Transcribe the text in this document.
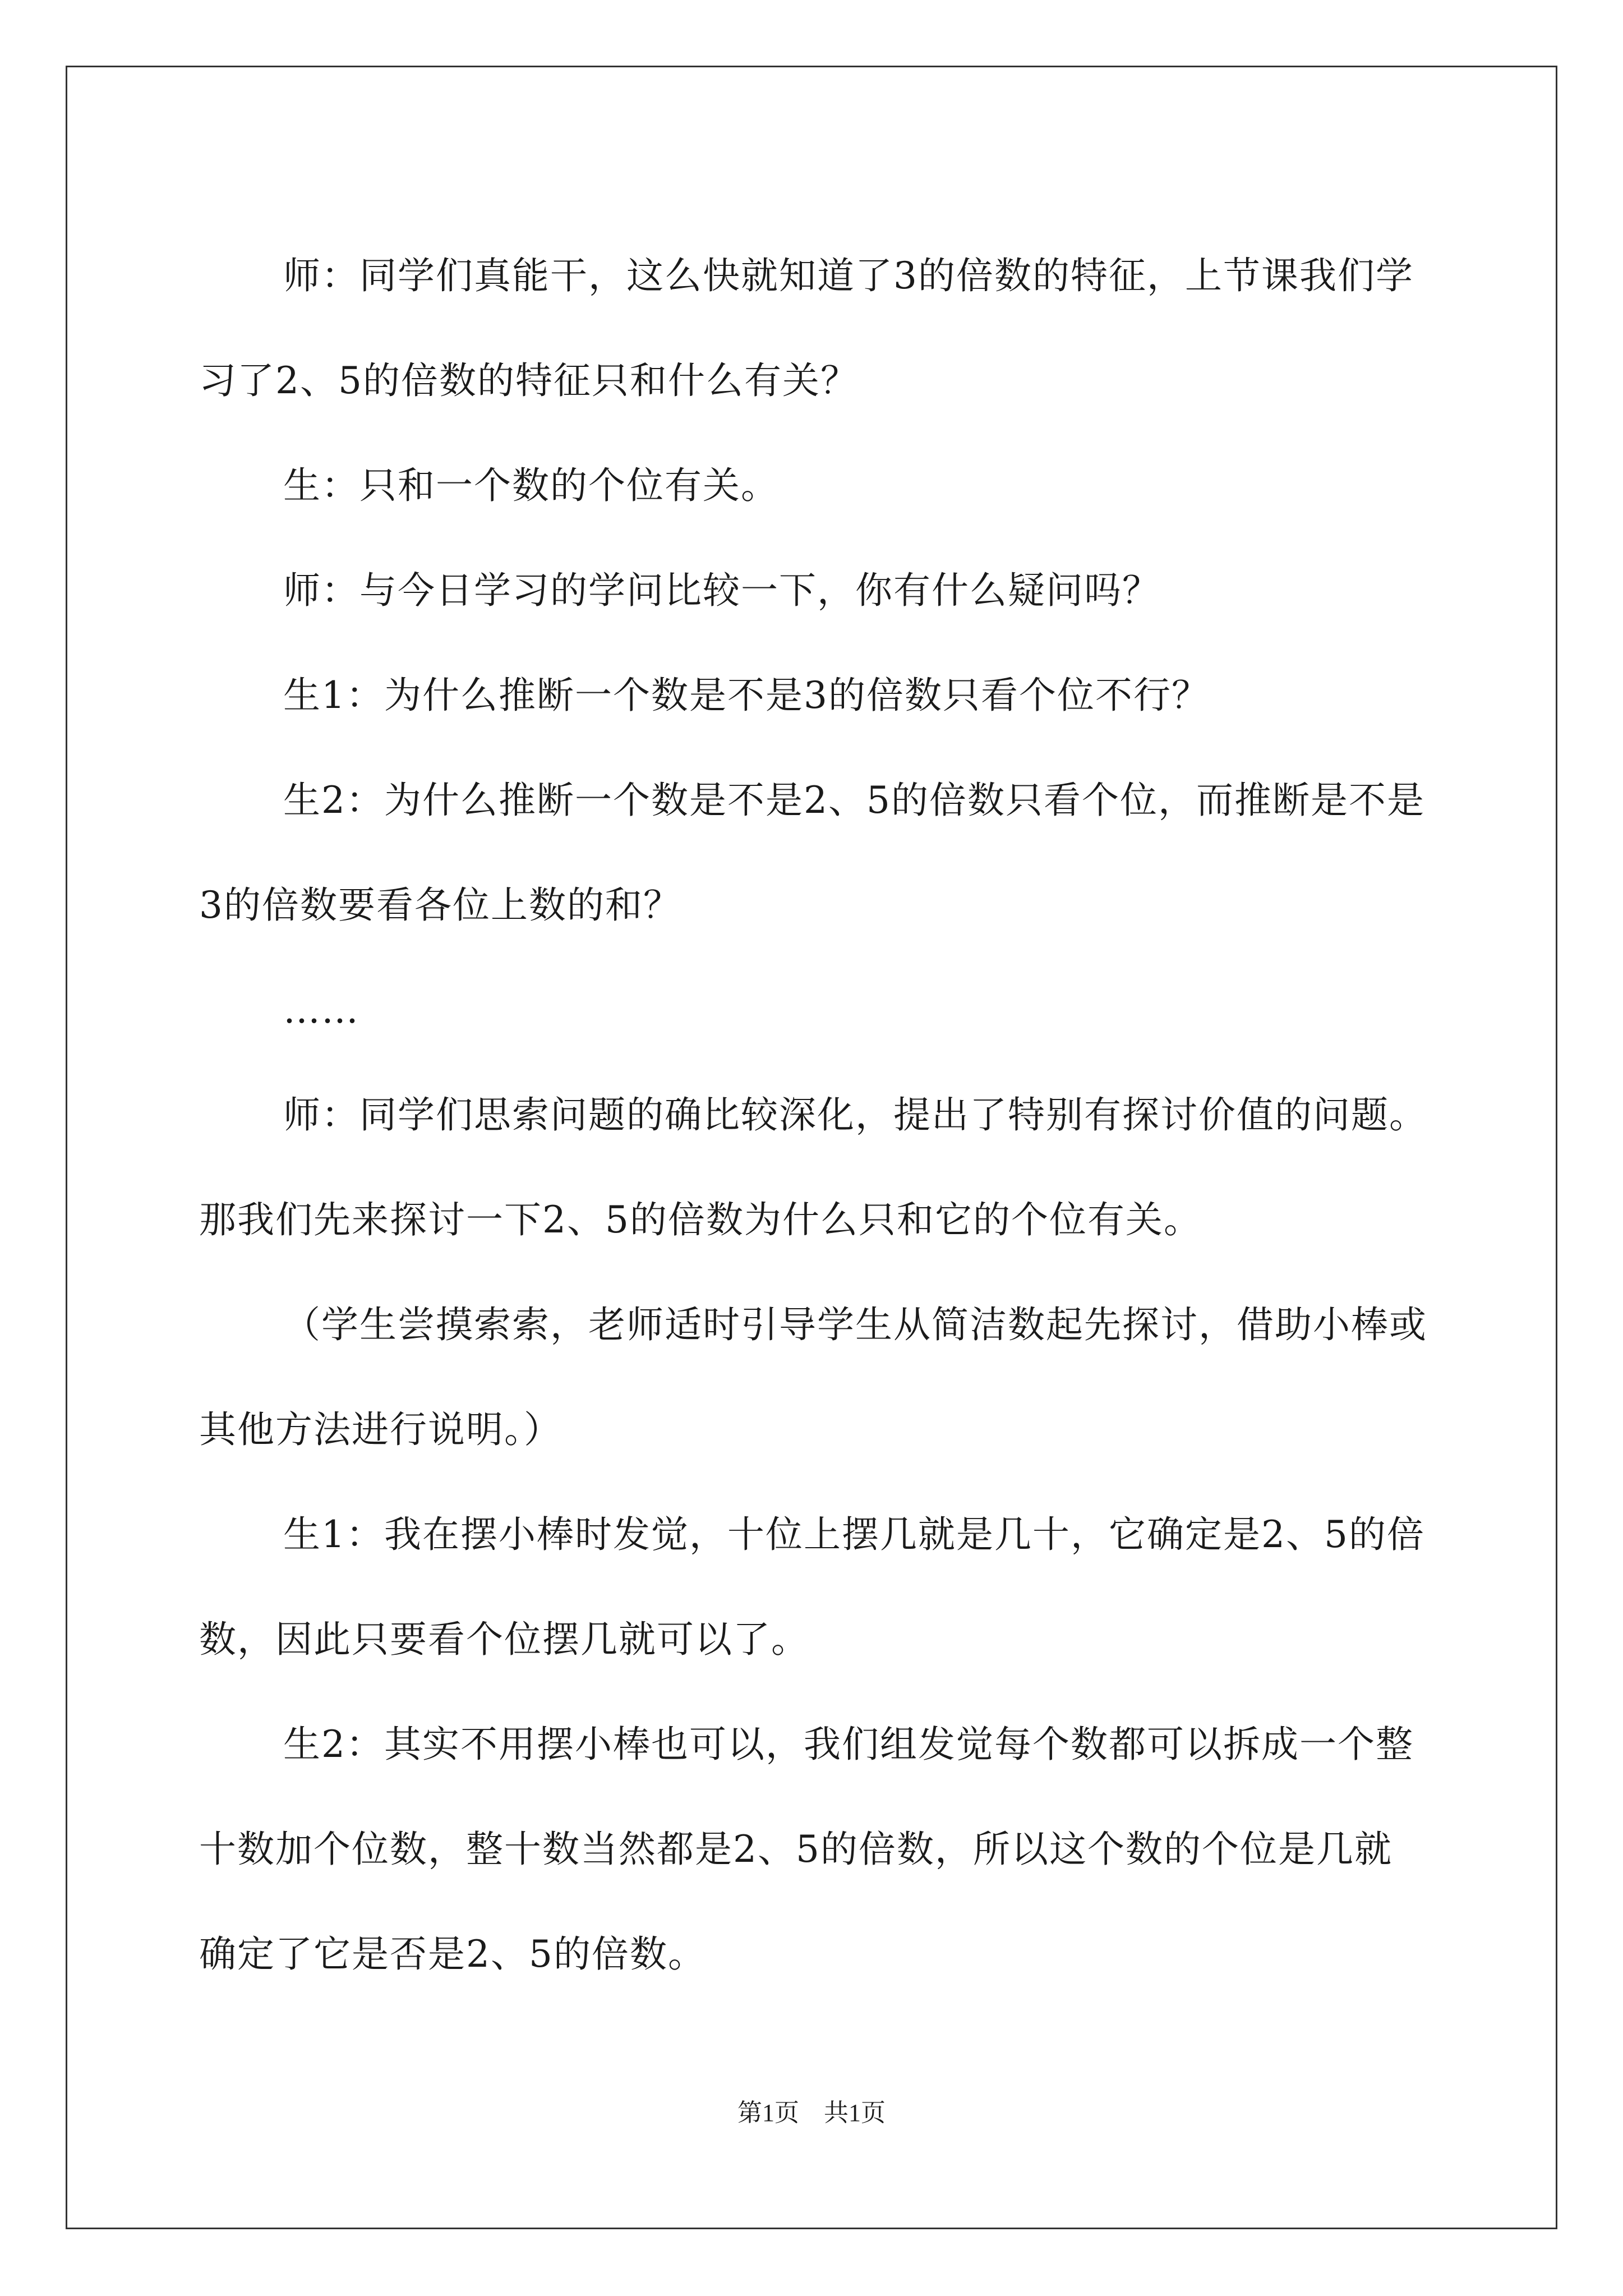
师：同学们真能干，这么快就知道了3的倍数的特征，上节课我们学习了2、5的倍数的特征只和什么有关？

生：只和一个数的个位有关。

师：与今日学习的学问比较一下，你有什么疑问吗？

生1：为什么推断一个数是不是3的倍数只看个位不行？

生2：为什么推断一个数是不是2、5的倍数只看个位，而推断是不是3的倍数要看各位上数的和？

……

师：同学们思索问题的确比较深化，提出了特别有探讨价值的问题。那我们先来探讨一下2、5的倍数为什么只和它的个位有关。

（学生尝摸索索，老师适时引导学生从简洁数起先探讨，借助小棒或其他方法进行说明。）

生1：我在摆小棒时发觉，十位上摆几就是几十，它确定是2、5的倍数，因此只要看个位摆几就可以了。

生2：其实不用摆小棒也可以，我们组发觉每个数都可以拆成一个整十数加个位数，整十数当然都是2、5的倍数，所以这个数的个位是几就确定了它是否是2、5的倍数。

第1页　共1页
